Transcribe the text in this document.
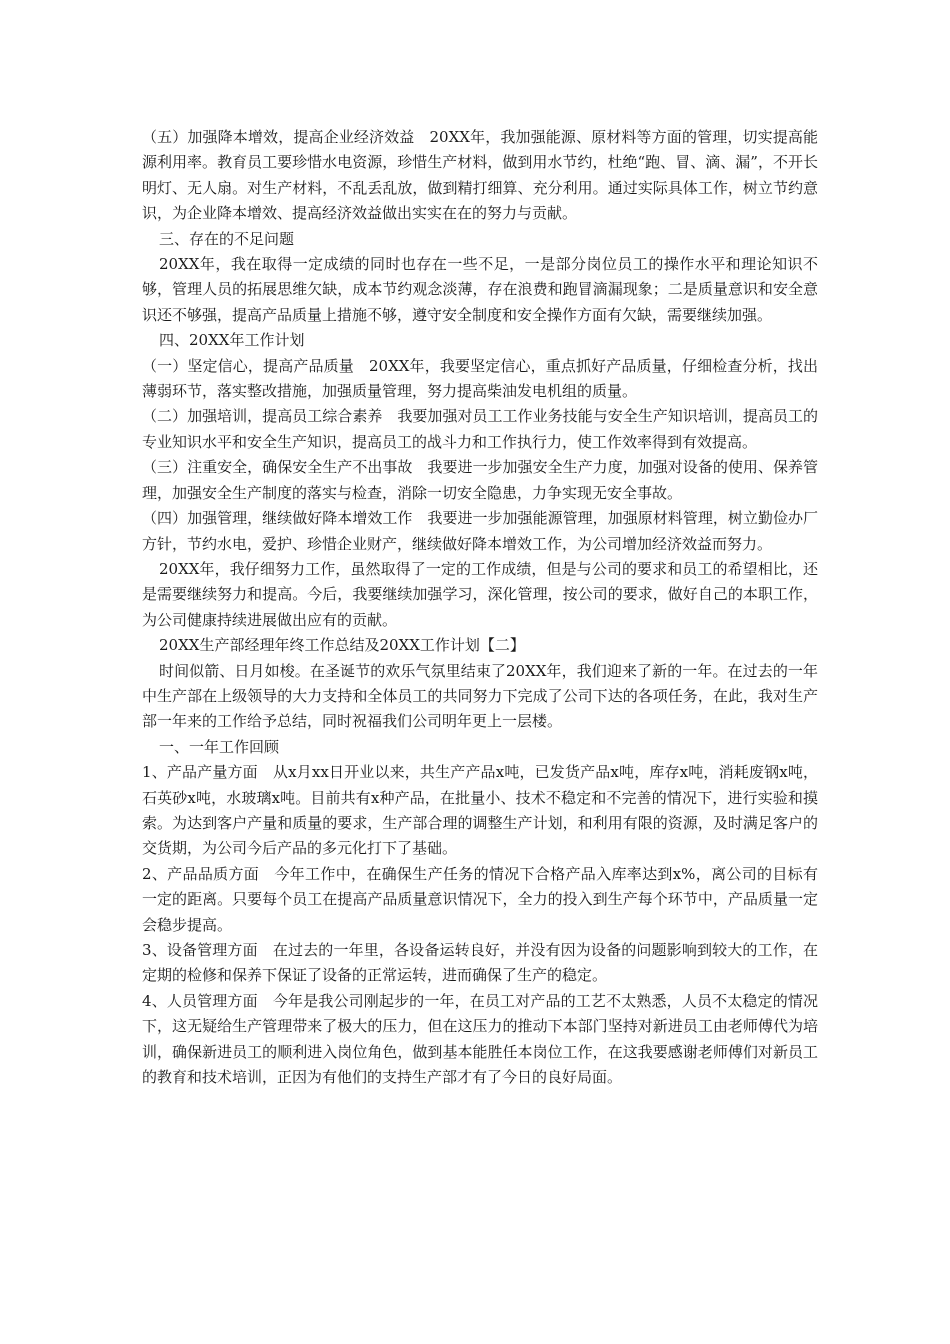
（五）加强降本增效，提高企业经济效益　20XX年，我加强能源、原材料等方面的管理，切实提高能源利用率。教育员工要珍惜水电资源，珍惜生产材料，做到用水节约，杜绝“跑、冒、滴、漏”，不开长明灯、无人扇。对生产材料，不乱丢乱放，做到精打细算、充分利用。通过实际具体工作，树立节约意识，为企业降本增效、提高经济效益做出实实在在的努力与贡献。

三、存在的不足问题

20XX年，我在取得一定成绩的同时也存在一些不足，一是部分岗位员工的操作水平和理论知识不够，管理人员的拓展思维欠缺，成本节约观念淡薄，存在浪费和跑冒滴漏现象；二是质量意识和安全意识还不够强，提高产品质量上措施不够，遵守安全制度和安全操作方面有欠缺，需要继续加强。

四、20XX年工作计划

（一）坚定信心，提高产品质量　20XX年，我要坚定信心，重点抓好产品质量，仔细检查分析，找出薄弱环节，落实整改措施，加强质量管理，努力提高柴油发电机组的质量。

（二）加强培训，提高员工综合素养　我要加强对员工工作业务技能与安全生产知识培训，提高员工的专业知识水平和安全生产知识，提高员工的战斗力和工作执行力，使工作效率得到有效提高。

（三）注重安全，确保安全生产不出事故　我要进一步加强安全生产力度，加强对设备的使用、保养管理，加强安全生产制度的落实与检查，消除一切安全隐患，力争实现无安全事故。

（四）加强管理，继续做好降本增效工作　我要进一步加强能源管理，加强原材料管理，树立勤俭办厂方针，节约水电，爱护、珍惜企业财产，继续做好降本增效工作，为公司增加经济效益而努力。

20XX年，我仔细努力工作，虽然取得了一定的工作成绩，但是与公司的要求和员工的希望相比，还是需要继续努力和提高。今后，我要继续加强学习，深化管理，按公司的要求，做好自己的本职工作，为公司健康持续进展做出应有的贡献。

20XX生产部经理年终工作总结及20XX工作计划【二】

时间似箭、日月如梭。在圣诞节的欢乐气氛里结束了20XX年，我们迎来了新的一年。在过去的一年中生产部在上级领导的大力支持和全体员工的共同努力下完成了公司下达的各项任务，在此，我对生产部一年来的工作给予总结，同时祝福我们公司明年更上一层楼。

一、一年工作回顾

1、产品产量方面　从x月xx日开业以来，共生产产品x吨，已发货产品x吨，库存x吨，消耗废钢x吨，石英砂x吨，水玻璃x吨。目前共有x种产品，在批量小、技术不稳定和不完善的情况下，进行实验和摸索。为达到客户产量和质量的要求，生产部合理的调整生产计划，和利用有限的资源，及时满足客户的交货期，为公司今后产品的多元化打下了基础。

2、产品品质方面　今年工作中，在确保生产任务的情况下合格产品入库率达到x%，离公司的目标有一定的距离。只要每个员工在提高产品质量意识情况下，全力的投入到生产每个环节中，产品质量一定会稳步提高。

3、设备管理方面　在过去的一年里，各设备运转良好，并没有因为设备的问题影响到较大的工作，在定期的检修和保养下保证了设备的正常运转，进而确保了生产的稳定。

4、人员管理方面　今年是我公司刚起步的一年，在员工对产品的工艺不太熟悉，人员不太稳定的情况下，这无疑给生产管理带来了极大的压力，但在这压力的推动下本部门坚持对新进员工由老师傅代为培训，确保新进员工的顺利进入岗位角色，做到基本能胜任本岗位工作，在这我要感谢老师傅们对新员工的教育和技术培训，正因为有他们的支持生产部才有了今日的良好局面。
